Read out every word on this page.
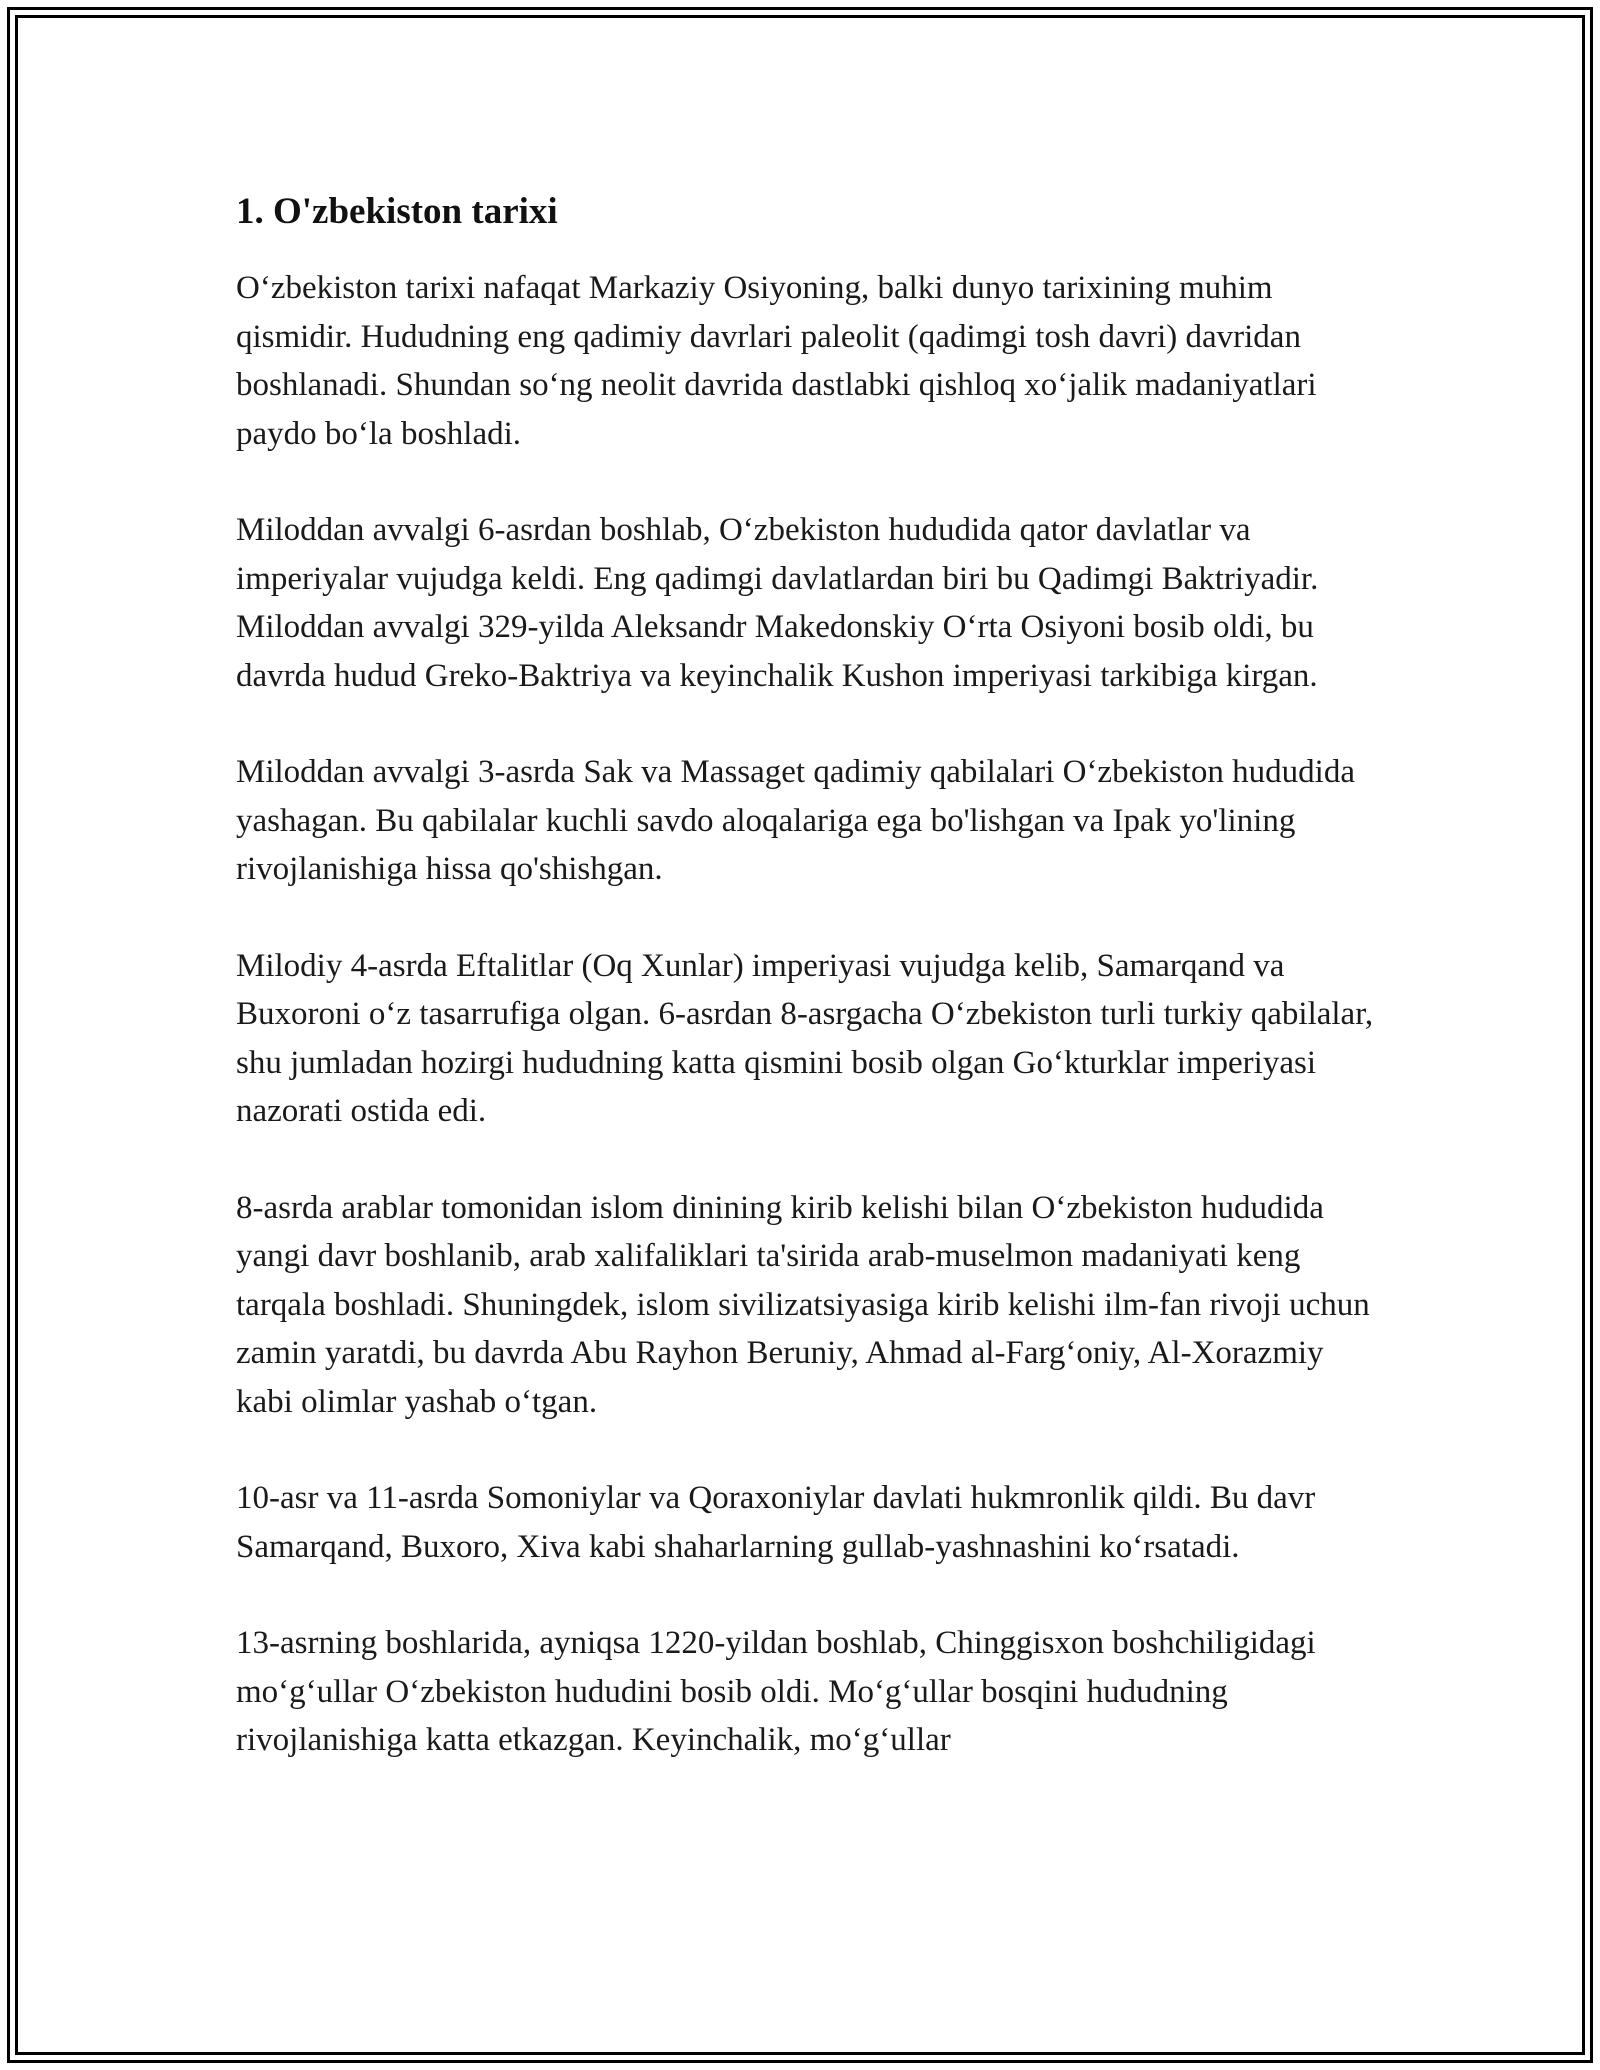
1. O'zbekiston tarixi

O‘zbekiston tarixi nafaqat Markaziy Osiyoning, balki dunyo tarixining muhim qismidir. Hududning eng qadimiy davrlari paleolit (qadimgi tosh davri) davridan boshlanadi. Shundan so‘ng neolit davrida dastlabki qishloq xo‘jalik madaniyatlari paydo bo‘la boshladi.

Miloddan avvalgi 6-asrdan boshlab, O‘zbekiston hududida qator davlatlar va imperiyalar vujudga keldi. Eng qadimgi davlatlardan biri bu Qadimgi Baktriyadir. Miloddan avvalgi 329-yilda Aleksandr Makedonskiy O‘rta Osiyoni bosib oldi, bu davrda hudud Greko-Baktriya va keyinchalik Kushon imperiyasi tarkibiga kirgan.

Miloddan avvalgi 3-asrda Sak va Massaget qadimiy qabilalari O‘zbekiston hududida yashagan. Bu qabilalar kuchli savdo aloqalariga ega bo'lishgan va Ipak yo'lining rivojlanishiga hissa qo'shishgan.

Milodiy 4-asrda Eftalitlar (Oq Xunlar) imperiyasi vujudga kelib, Samarqand va Buxoroni o‘z tasarrufiga olgan. 6-asrdan 8-asrgacha O‘zbekiston turli turkiy qabilalar, shu jumladan hozirgi hududning katta qismini bosib olgan Go‘kturklar imperiyasi nazorati ostida edi.

8-asrda arablar tomonidan islom dinining kirib kelishi bilan O‘zbekiston hududida yangi davr boshlanib, arab xalifaliklari ta'sirida arab-muselmon madaniyati keng tarqala boshladi. Shuningdek, islom sivilizatsiyasiga kirib kelishi ilm-fan rivoji uchun zamin yaratdi, bu davrda Abu Rayhon Beruniy, Ahmad al-Farg‘oniy, Al-Xorazmiy kabi olimlar yashab o‘tgan.

10-asr va 11-asrda Somoniylar va Qoraxoniylar davlati hukmronlik qildi. Bu davr Samarqand, Buxoro, Xiva kabi shaharlarning gullab-yashnashini ko‘rsatadi.

13-asrning boshlarida, ayniqsa 1220-yildan boshlab, Chinggisxon boshchiligidagi mo‘g‘ullar O‘zbekiston hududini bosib oldi. Mo‘g‘ullar bosqini hududning rivojlanishiga katta etkazgan. Keyinchalik, mo‘g‘ullar
